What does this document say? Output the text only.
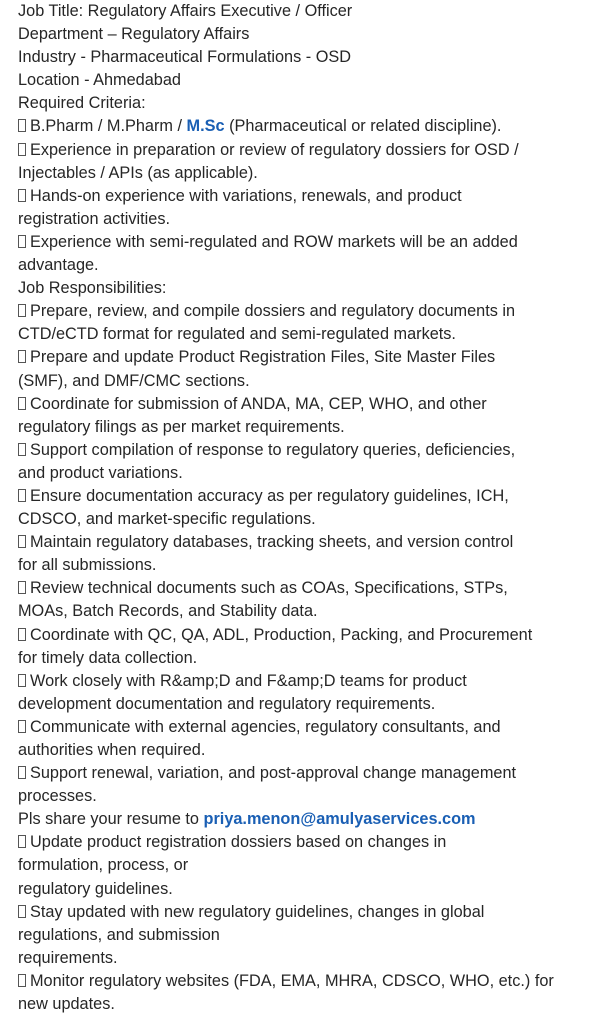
Job Title: Regulatory Affairs Executive / Officer
Department – Regulatory Affairs
Industry - Pharmaceutical Formulations - OSD
Location - Ahmedabad
Required Criteria:
B.Pharm / M.Pharm / M.Sc (Pharmaceutical or related discipline).
Experience in preparation or review of regulatory dossiers for OSD /
Injectables / APIs (as applicable).
Hands-on experience with variations, renewals, and product
registration activities.
Experience with semi-regulated and ROW markets will be an added
advantage.
Job Responsibilities:
Prepare, review, and compile dossiers and regulatory documents in
CTD/eCTD format for regulated and semi-regulated markets.
Prepare and update Product Registration Files, Site Master Files
(SMF), and DMF/CMC sections.
Coordinate for submission of ANDA, MA, CEP, WHO, and other
regulatory filings as per market requirements.
Support compilation of response to regulatory queries, deficiencies,
and product variations.
Ensure documentation accuracy as per regulatory guidelines, ICH,
CDSCO, and market-specific regulations.
Maintain regulatory databases, tracking sheets, and version control
for all submissions.
Review technical documents such as COAs, Specifications, STPs,
MOAs, Batch Records, and Stability data.
Coordinate with QC, QA, ADL, Production, Packing, and Procurement
for timely data collection.
Work closely with R&amp;D and F&amp;D teams for product
development documentation and regulatory requirements.
Communicate with external agencies, regulatory consultants, and
authorities when required.
Support renewal, variation, and post-approval change management
processes.
Pls share your resume to priya.menon@amulyaservices.com
Update product registration dossiers based on changes in
formulation, process, or
regulatory guidelines.
Stay updated with new regulatory guidelines, changes in global
regulations, and submission
requirements.
Monitor regulatory websites (FDA, EMA, MHRA, CDSCO, WHO, etc.) for
new updates.
